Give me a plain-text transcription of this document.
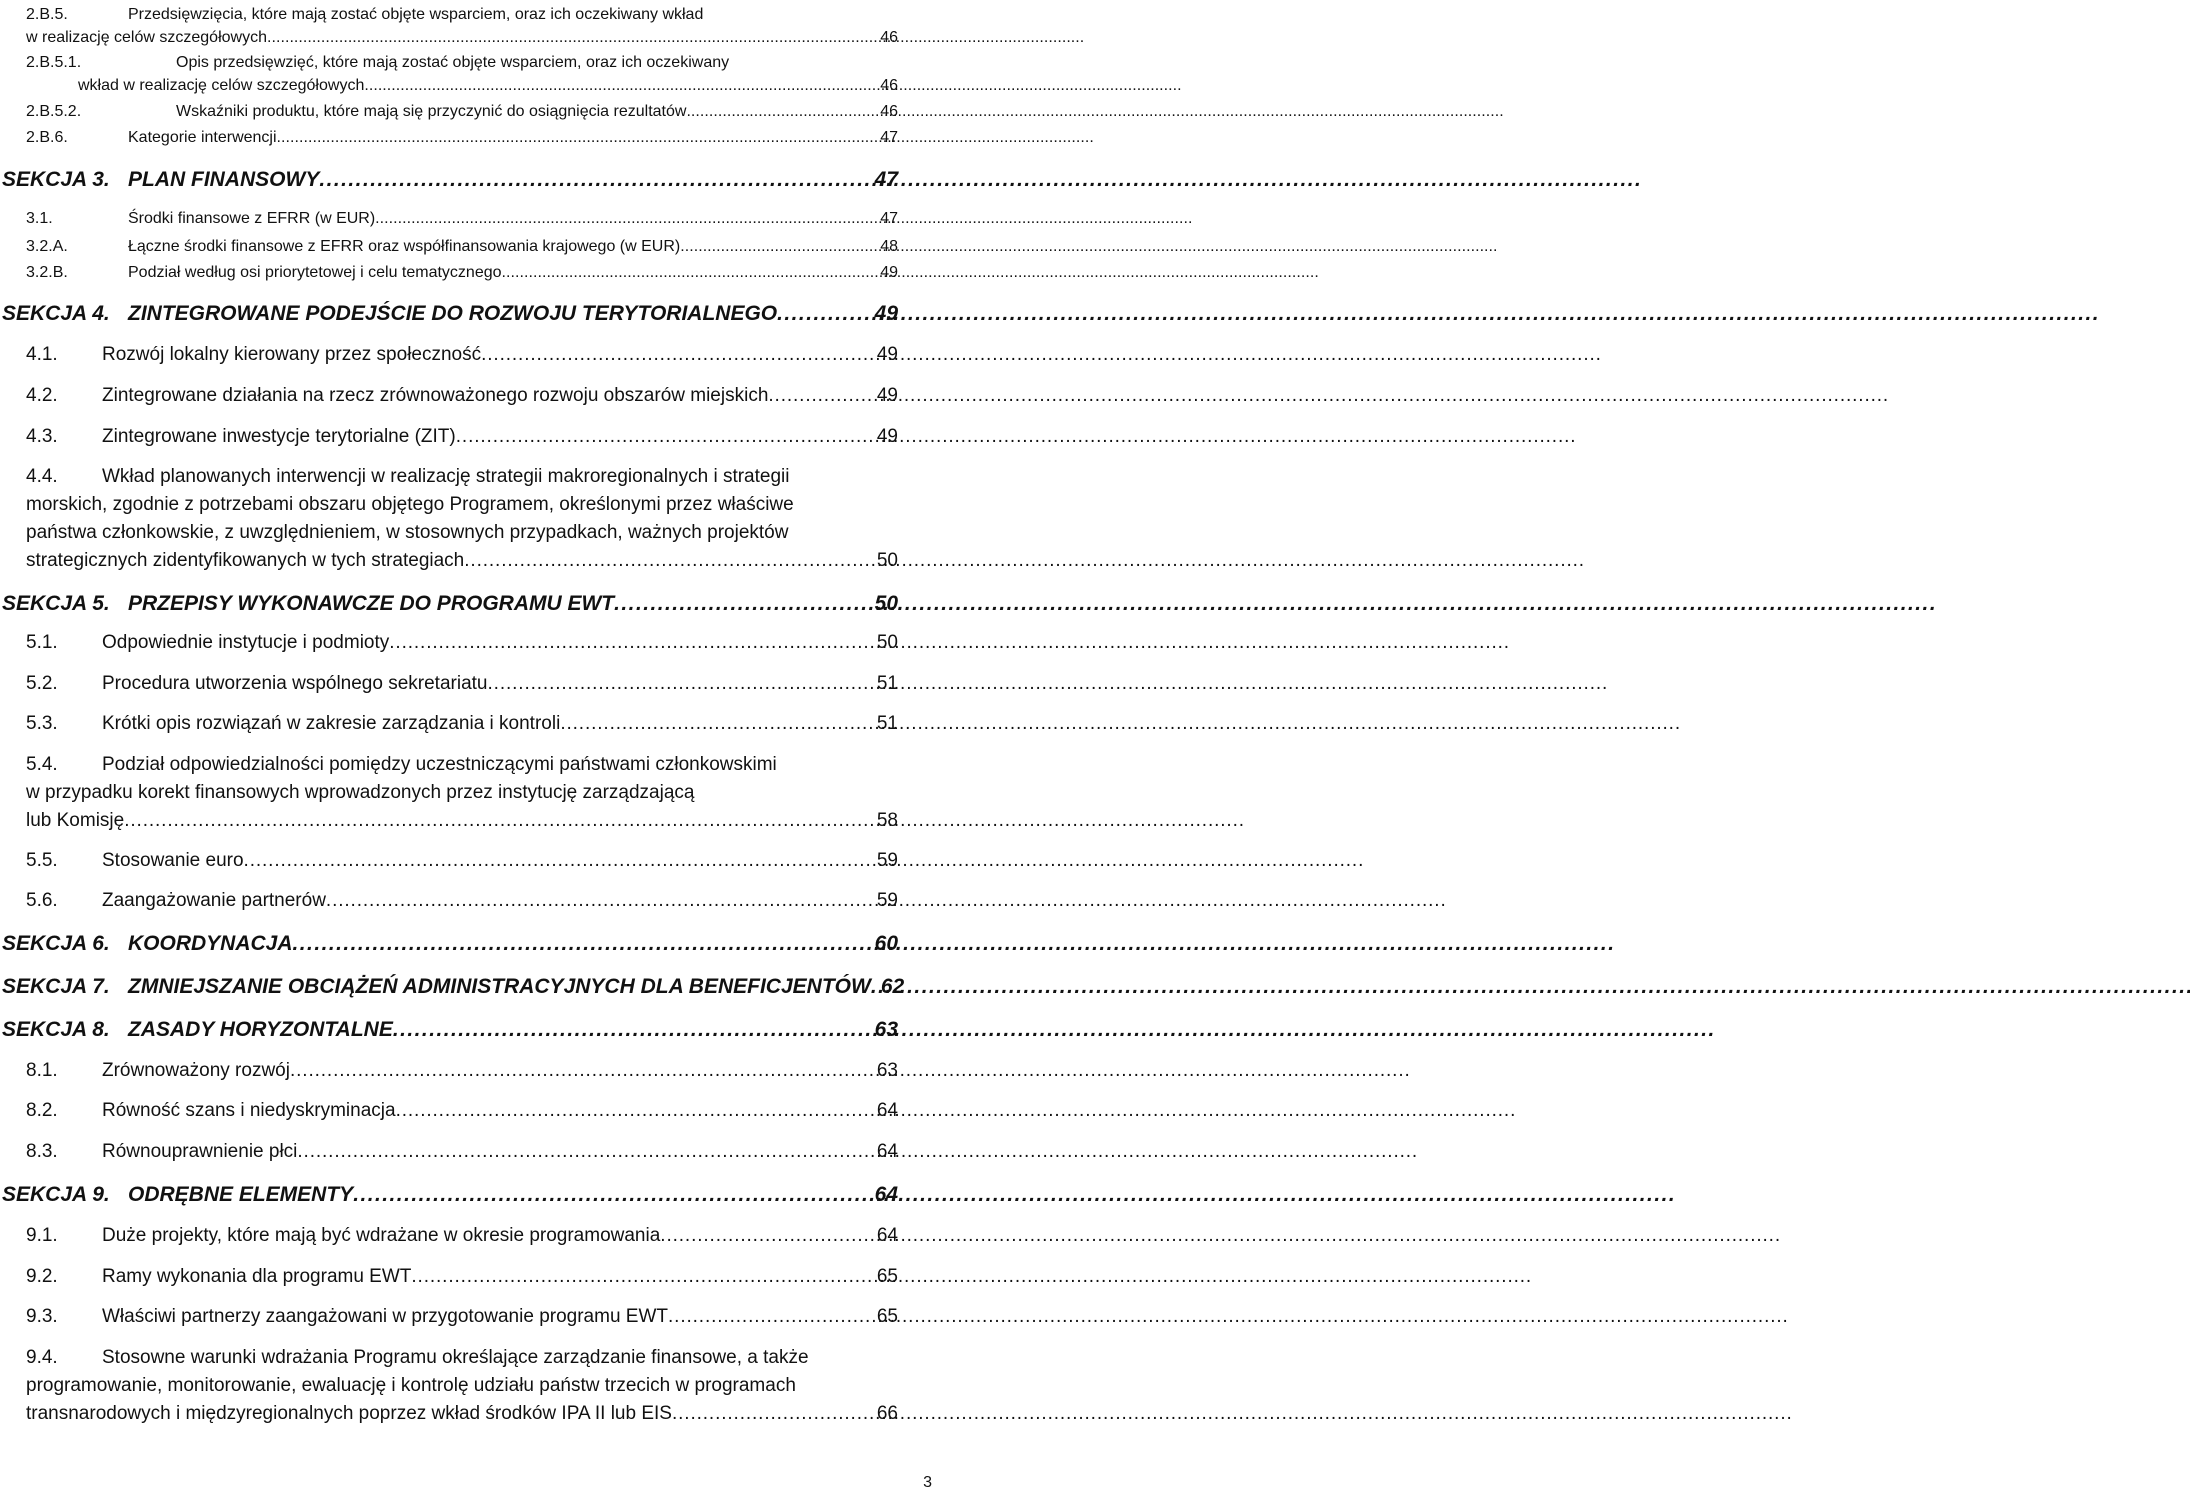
2.B.5.	Przedsięwzięcia, które mają zostać objęte wsparciem, oraz ich oczekiwany wkład
w realizację celów szczegółowych . . .	46
2.B.5.1.	Opis przedsięwzięć, które mają zostać objęte wsparciem, oraz ich oczekiwany
wkład w realizację celów szczegółowych . . .	46
2.B.5.2.	Wskaźniki produktu, które mają się przyczynić do osiągnięcia rezultatów . . .	46
2.B.6.	Kategorie interwencji . . .	47
SEKCJA 3. PLAN FINANSOWY . . .	47
3.1.	Środki finansowe z EFRR (w EUR) . . .	47
3.2.A.	Łączne środki finansowe z EFRR oraz współfinansowania krajowego (w EUR) . . .	48
3.2.B.	Podział według osi priorytetowej i celu tematycznego . . .	49
SEKCJA 4. ZINTEGROWANE PODEJŚCIE DO ROZWOJU TERYTORIALNEGO . . .	49
4.1. Rozwój lokalny kierowany przez społeczność . . .	49
4.2. Zintegrowane działania na rzecz zrównoważonego rozwoju obszarów miejskich . . .	49
4.3. Zintegrowane inwestycje terytorialne (ZIT) . . .	49
4.4. Wkład planowanych interwencji w realizację strategii makroregionalnych i strategii
morskich, zgodnie z potrzebami obszaru objętego Programem, określonymi przez właściwe
państwa członkowskie, z uwzględnieniem, w stosownych przypadkach, ważnych projektów
strategicznych zidentyfikowanych w tych strategiach . . .	50
SEKCJA 5. PRZEPISY WYKONAWCZE DO PROGRAMU EWT . . .	50
5.1. Odpowiednie instytucje i podmioty . . .	50
5.2. Procedura utworzenia wspólnego sekretariatu . . .	51
5.3. Krótki opis rozwiązań w zakresie zarządzania i kontroli . . .	51
5.4. Podział odpowiedzialności pomiędzy uczestniczącymi państwami członkowskimi
w przypadku korekt finansowych wprowadzonych przez instytucję zarządzającą
lub Komisję . . .	58
5.5. Stosowanie euro . . .	59
5.6. Zaangażowanie partnerów . . .	59
SEKCJA 6. KOORDYNACJA . . .	60
SEKCJA 7. ZMNIEJSZANIE OBCIĄŻEŃ ADMINISTRACYJNYCH DLA BENEFICJENTÓW . . . 62
SEKCJA 8. ZASADY HORYZONTALNE . . .	63
8.1. Zrównoważony rozwój . . .	63
8.2. Równość szans i niedyskryminacja . . .	64
8.3. Równouprawnienie płci . . .	64
SEKCJA 9. ODRĘBNE ELEMENTY . . .	64
9.1. Duże projekty, które mają być wdrażane w okresie programowania . . .	64
9.2. Ramy wykonania dla programu EWT . . .	65
9.3. Właściwi partnerzy zaangażowani w przygotowanie programu EWT . . .	65
9.4. Stosowne warunki wdrażania Programu określające zarządzanie finansowe, a także
programowanie, monitorowanie, ewaluację i kontrolę udziału państw trzecich w programach
transnarodowych i międzyregionalnych poprzez wkład środków IPA II lub EIS . . .	66
3
